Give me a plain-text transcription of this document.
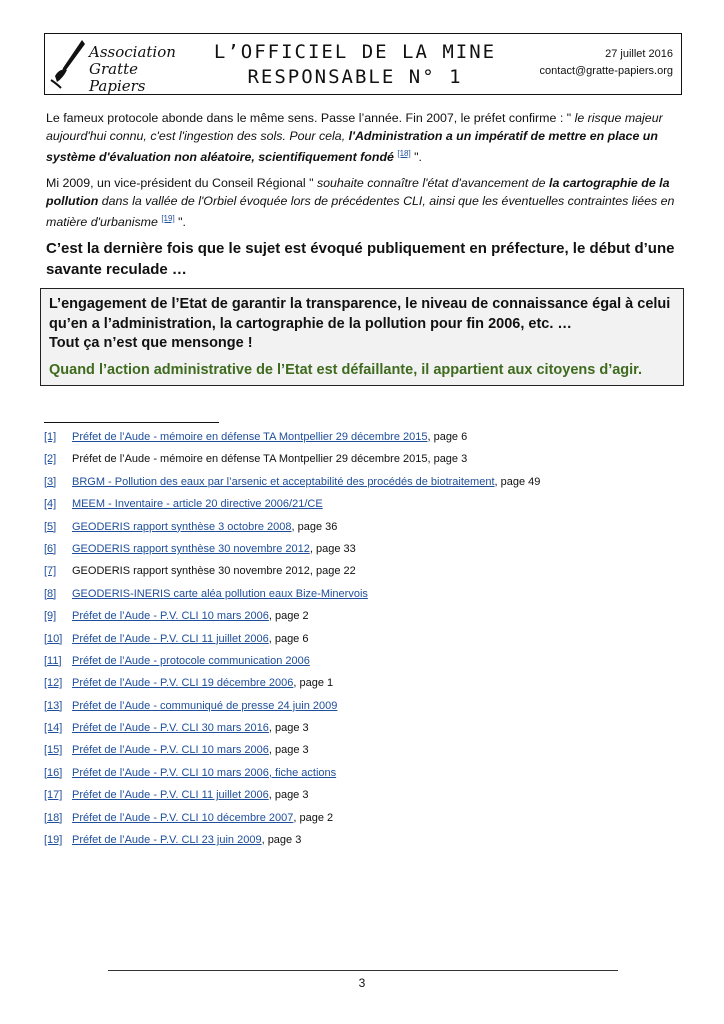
Association
Gratte Papiers
L’OFFICIEL DE LA MINE
RESPONSABLE N° 1
27 juillet 2016
contact@gratte-papiers.org
Le fameux protocole abonde dans le même sens. Passe l’année. Fin 2007, le préfet confirme : " le risque majeur aujourd'hui connu, c'est l'ingestion des sols. Pour cela, l'Administration a un impératif de mettre en place un système d'évaluation non aléatoire, scientifiquement fondé [18] ".
Mi 2009, un vice-président du Conseil Régional " souhaite connaître l'état d'avancement de la cartographie de la pollution dans la vallée de l'Orbiel évoquée lors de précédentes CLI, ainsi que les éventuelles contraintes liées en matière d'urbanisme [19] ".
C’est la dernière fois que le sujet est évoqué publiquement en préfecture, le début d’une savante reculade …
L’engagement de l’Etat de garantir la transparence, le niveau de connaissance égal à celui qu’en a l’administration, la cartographie de la pollution pour fin 2006, etc. …
Tout ça n’est que mensonge !
Quand l’action administrative de l’Etat est défaillante, il appartient aux citoyens d’agir.
[1] Préfet de l’Aude - mémoire en défense TA Montpellier 29 décembre 2015, page 6
[2] Préfet de l’Aude - mémoire en défense TA Montpellier 29 décembre 2015, page 3
[3] BRGM - Pollution des eaux par l’arsenic et acceptabilité des procédés de biotraitement, page 49
[4] MEEM - Inventaire - article 20 directive 2006/21/CE
[5] GEODERIS rapport synthèse 3 octobre 2008, page 36
[6] GEODERIS rapport synthèse 30 novembre 2012, page 33
[7] GEODERIS rapport synthèse 30 novembre 2012, page 22
[8] GEODERIS-INERIS carte aléa pollution eaux Bize-Minervois
[9] Préfet de l’Aude - P.V. CLI 10 mars 2006, page 2
[10] Préfet de l’Aude - P.V. CLI 11 juillet 2006, page 6
[11] Préfet de l’Aude - protocole communication 2006
[12] Préfet de l’Aude - P.V. CLI 19 décembre 2006, page 1
[13] Préfet de l’Aude - communiqué de presse 24 juin 2009
[14] Préfet de l’Aude - P.V. CLI 30 mars 2016, page 3
[15] Préfet de l’Aude - P.V. CLI 10 mars 2006, page 3
[16] Préfet de l’Aude - P.V. CLI 10 mars 2006, fiche actions
[17] Préfet de l’Aude - P.V. CLI 11 juillet 2006, page 3
[18] Préfet de l’Aude - P.V. CLI 10 décembre 2007, page 2
[19] Préfet de l’Aude - P.V. CLI 23 juin 2009, page 3
3
